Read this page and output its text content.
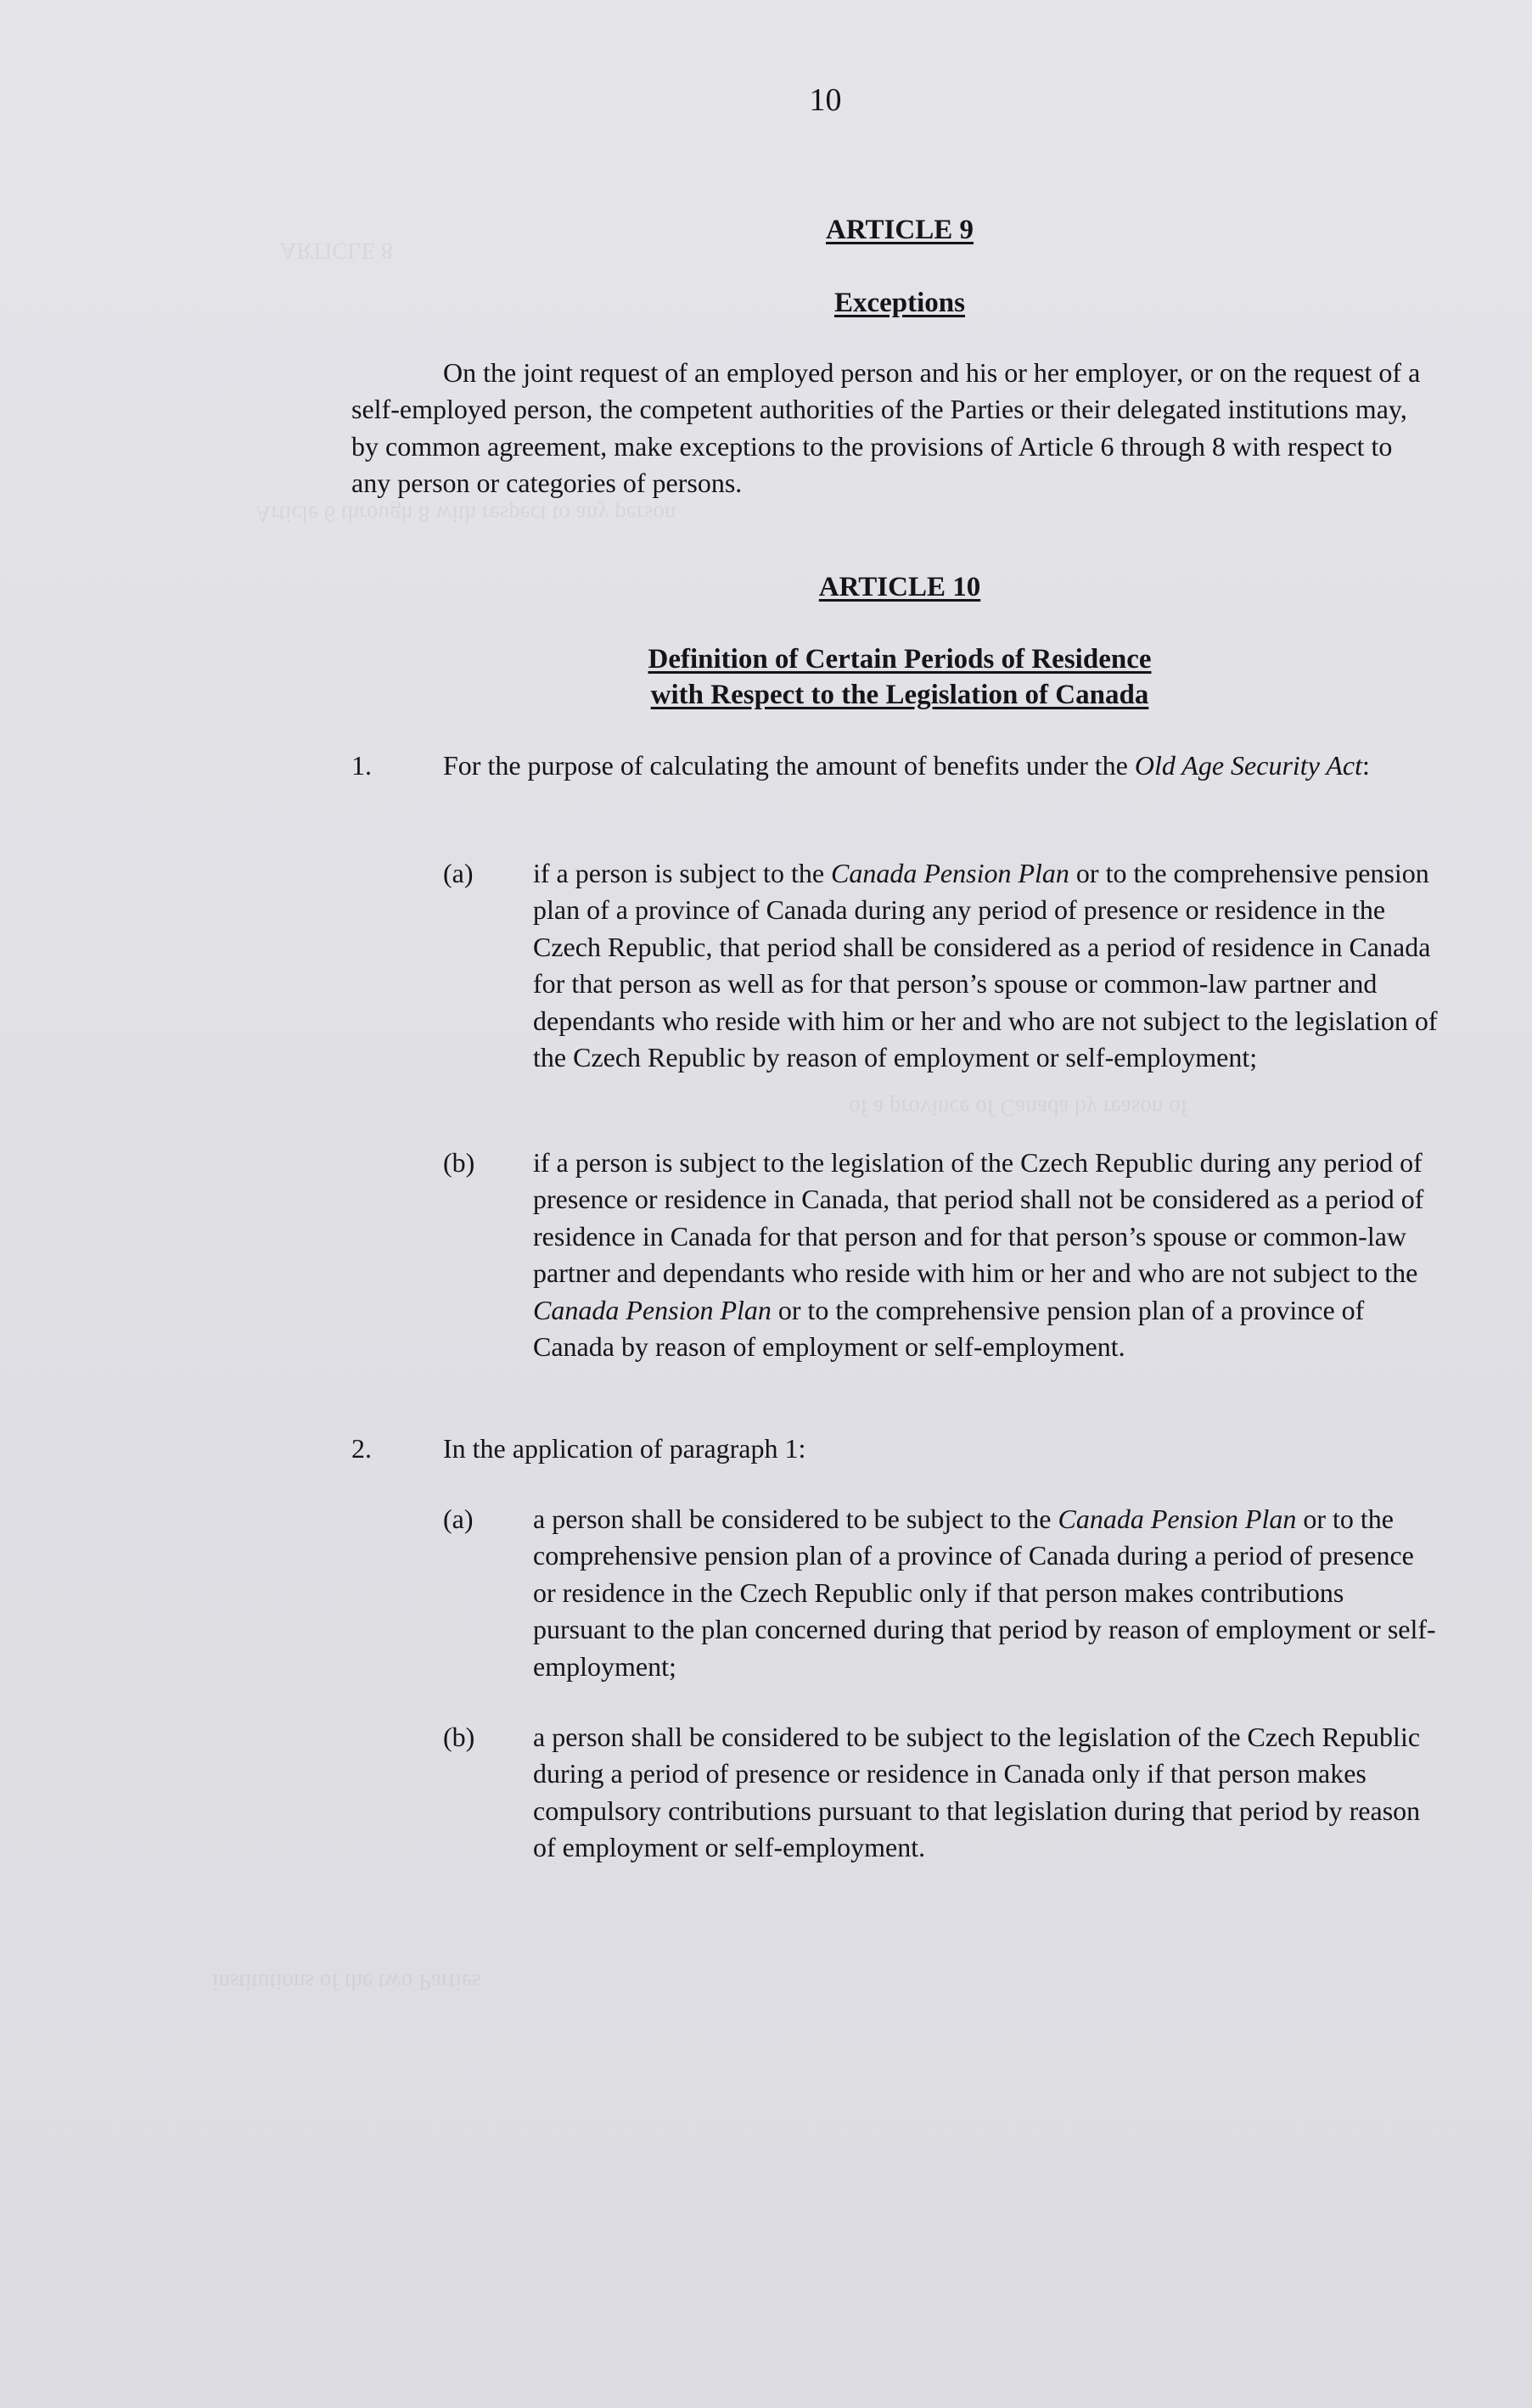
ARTICLE 8
Article 6 through 8 with respect to any person
of a province of Canada by reason of
institutions of the two Parties
10
ARTICLE 9
Exceptions

On the joint request of an employed person and his or her employer, or on the request of a self-employed person, the competent authorities of the Parties or their delegated institutions may, by common agreement, make exceptions to the provisions of Article 6 through 8 with respect to any person or categories of persons.

ARTICLE 10
Definition of Certain Periods of Residence
with Respect to the Legislation of Canada

1.	For the purpose of calculating the amount of benefits under the Old Age Security Act:

(a) if a person is subject to the Canada Pension Plan or to the comprehensive pension plan of a province of Canada during any period of presence or residence in the Czech Republic, that period shall be considered as a period of residence in Canada for that person as well as for that person’s spouse or common-law partner and dependants who reside with him or her and who are not subject to the legislation of the Czech Republic by reason of employment or self-employment;

(b) if a person is subject to the legislation of the Czech Republic during any period of presence or residence in Canada, that period shall not be considered as a period of residence in Canada for that person and for that person’s spouse or common-law partner and dependants who reside with him or her and who are not subject to the Canada Pension Plan or to the comprehensive pension plan of a province of Canada by reason of employment or self-employment.

2.	In the application of paragraph 1:
(a) a person shall be considered to be subject to the Canada Pension Plan or to the comprehensive pension plan of a province of Canada during a period of presence or residence in the Czech Republic only if that person makes contributions pursuant to the plan concerned during that period by reason of employment or self-employment;

(b) a person shall be considered to be subject to the legislation of the Czech Republic during a period of presence or residence in Canada only if that person makes compulsory contributions pursuant to that legislation during that period by reason of employment or self-employment.
